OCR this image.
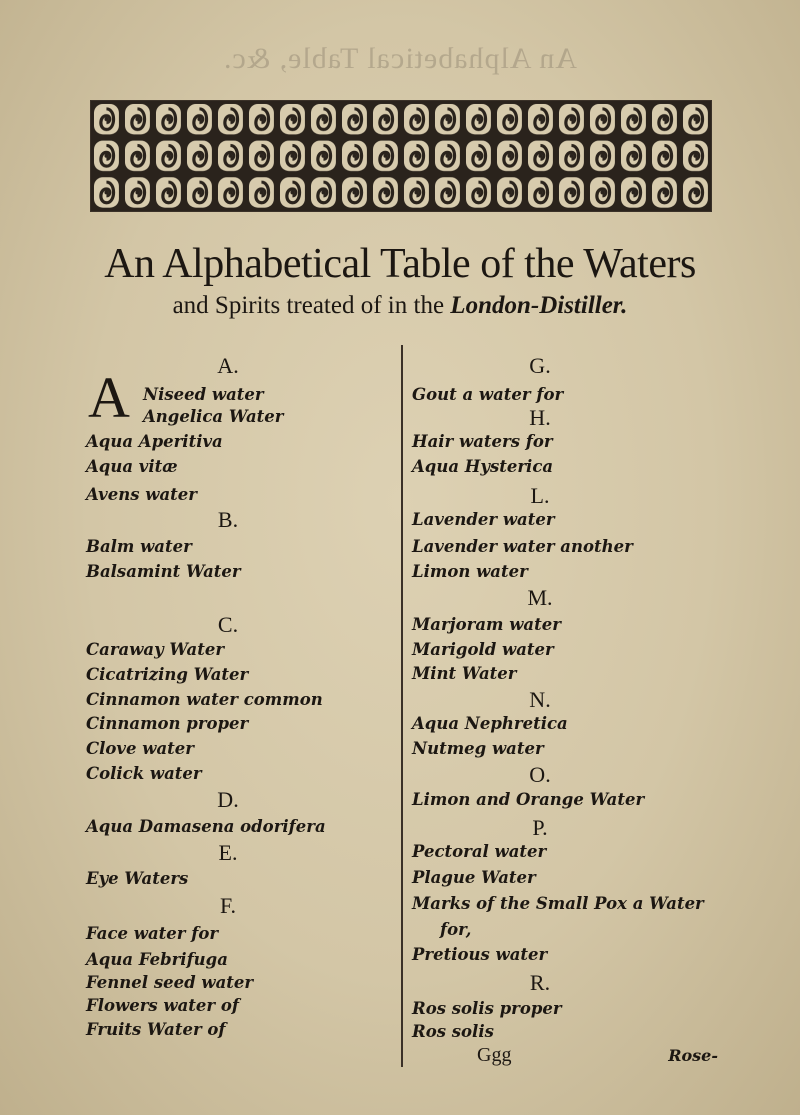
An Alphabetical Table, &c.
An Alphabetical Table of the Waters
and Spirits treated of in the London-Distiller.
A	A.
Niseed water
Angelica Water
Aqua Aperitiva
Aqua vitæ
Avens water
B.
Balm water
Balsamint Water
C.
Caraway Water
Cicatrizing Water
Cinnamon water common
Cinnamon proper
Clove water
Colick water
D.
Aqua Damasena odorifera
E.
Eye Waters
F.
Face water for
Aqua Febrifuga
Fennel seed water
Flowers water of
Fruits Water of
G.
Gout a water for
H.
Hair waters for
Aqua Hysterica
L.
Lavender water
Lavender water another
Limon water
M.
Marjoram water
Marigold water
Mint Water
N.
Aqua Nephretica
Nutmeg water
O.
Limon and Orange Water
P.
Pectoral water
Plague Water
Marks of the Small Pox a Water
for,
Pretious water
R.
Ros solis proper
Ros solis
Ggg	Rose-
